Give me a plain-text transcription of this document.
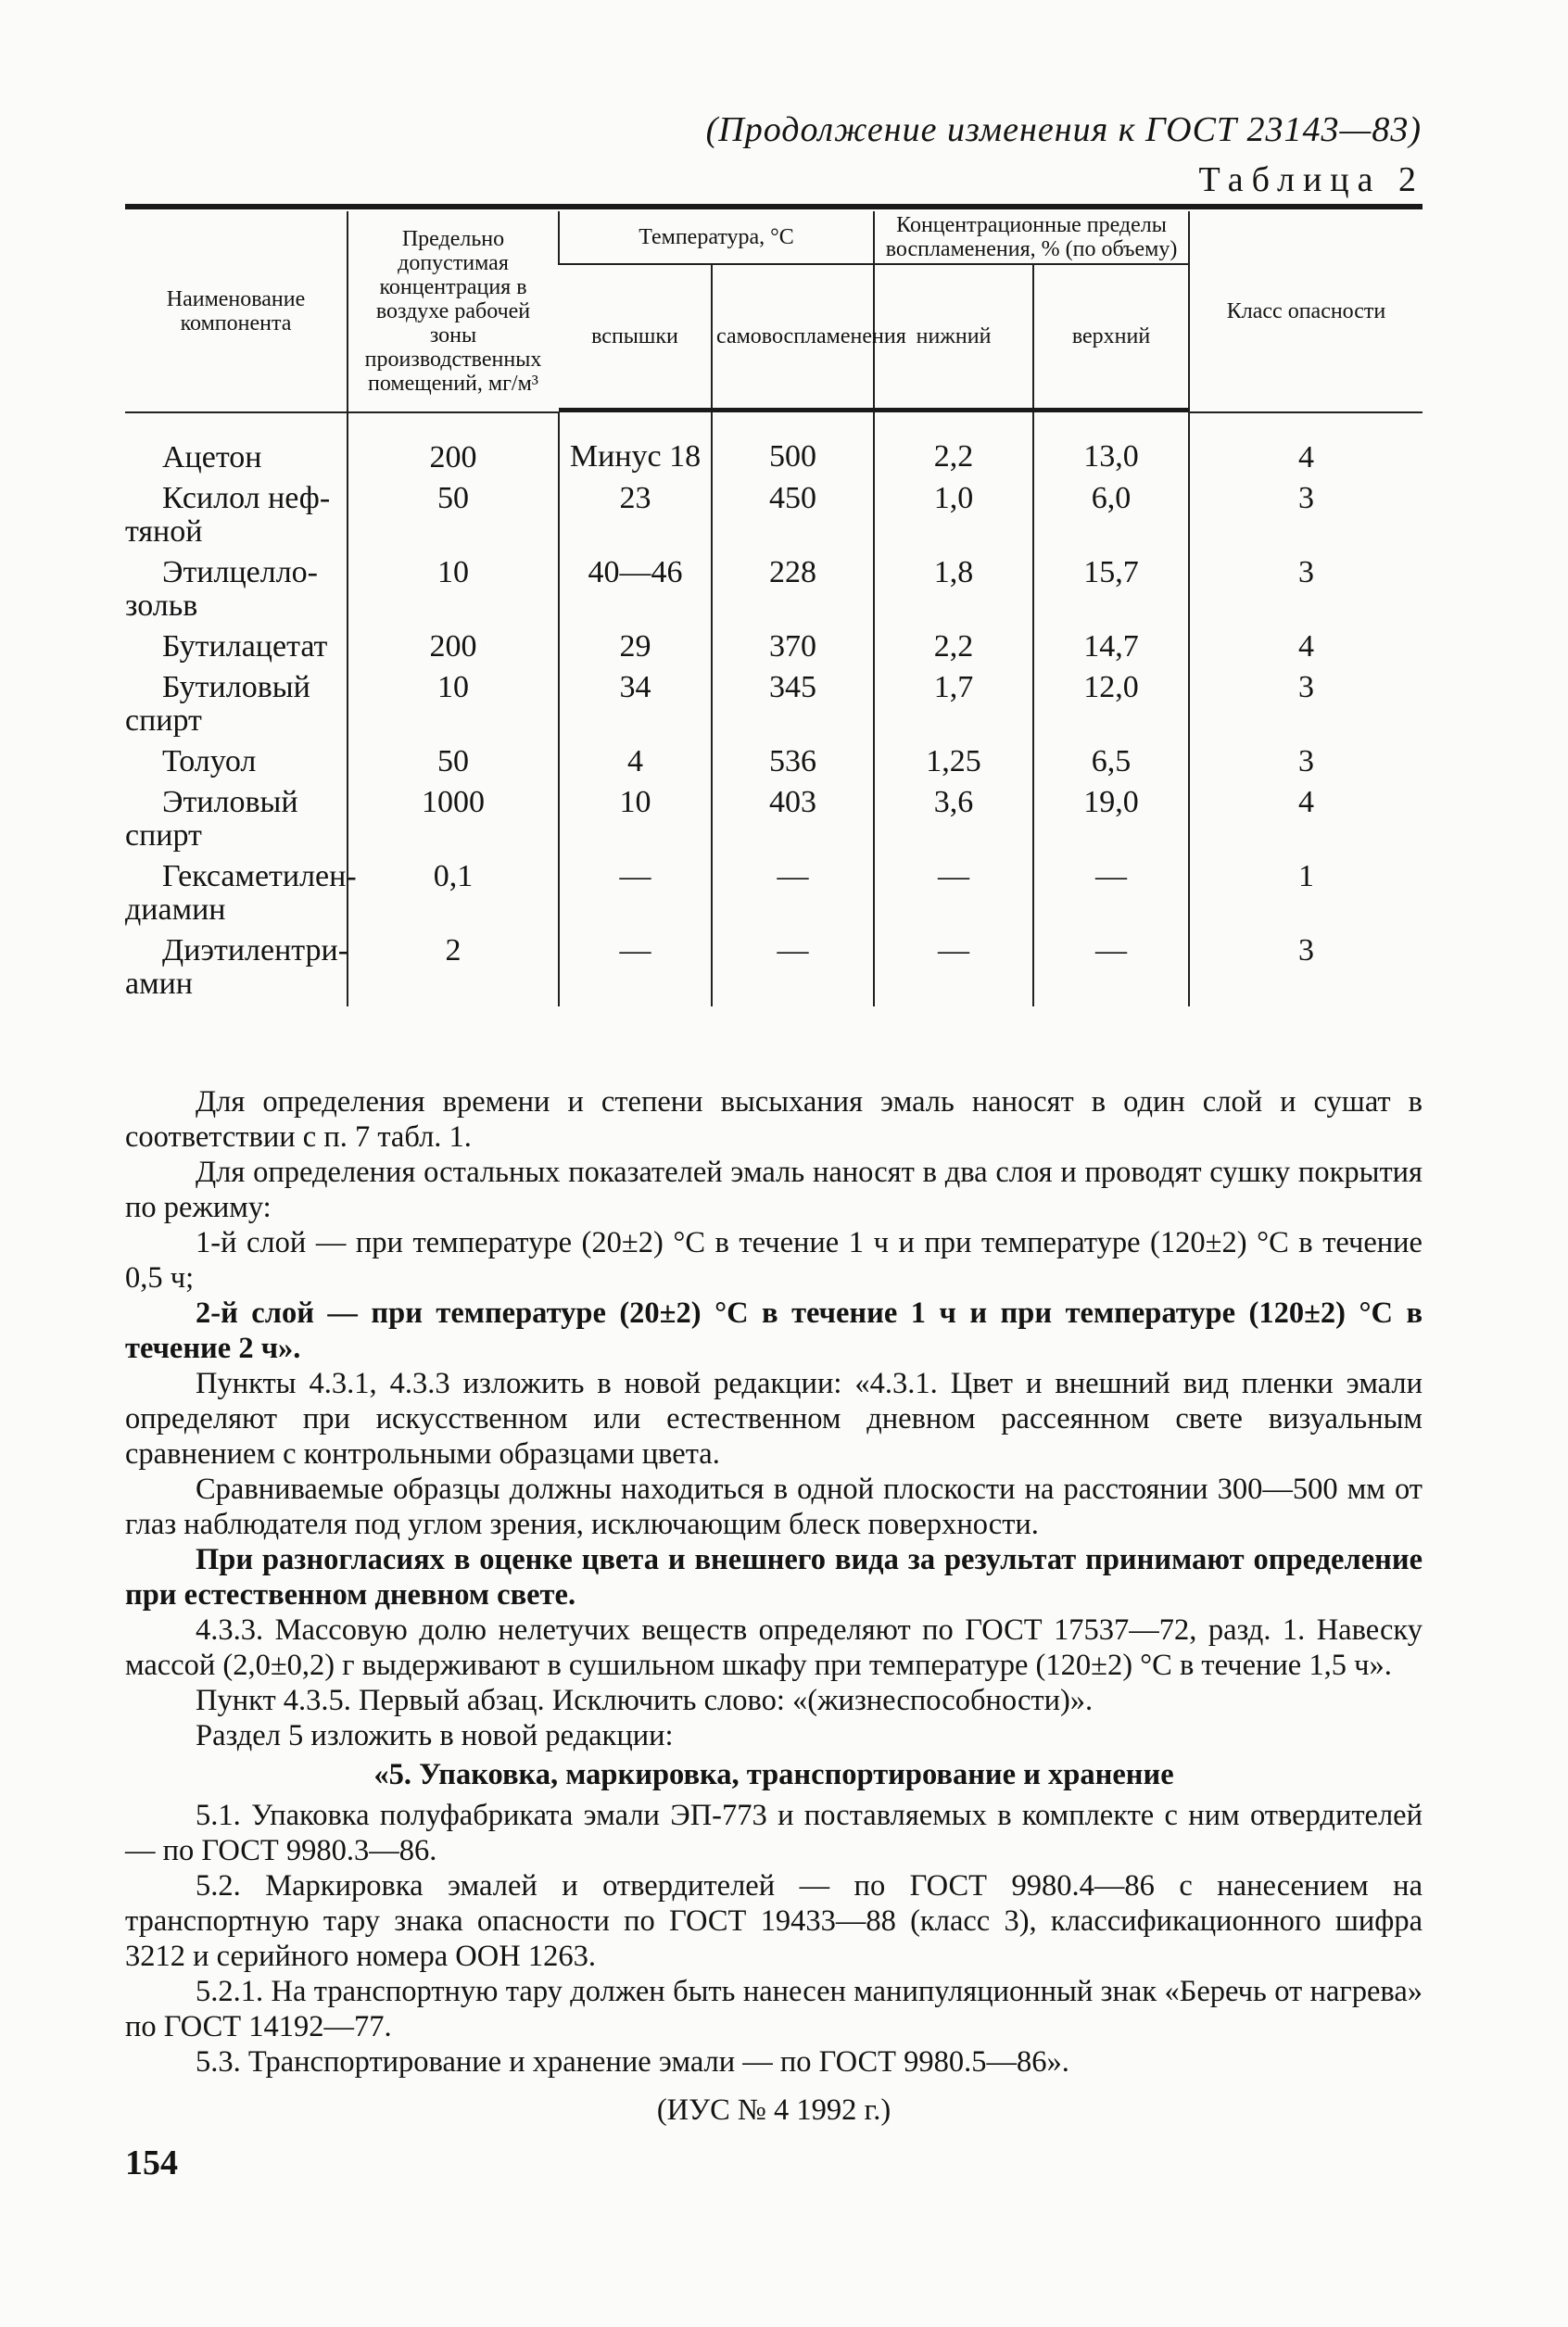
(Продолжение изменения к ГОСТ 23143—83)
Таблица 2
Наименование компонента	Предельно допустимая концентрация в воздухе рабочей зоны производственных помещений, мг/м³	Температура, °С		Концентрационные пределы воспламенения, % (по объему)		Класс опасности
		вспышки	самовоспламенения	нижний	верхний	

Ацетон	200	Минус 18	500	2,2	13,0	4

Ксилол неф-
тяной	50	23	450	1,0	6,0	3

Этилцелло-
зольв	10	40—46	228	1,8	15,7	3

Бутилацетат	200	29	370	2,2	14,7	4

Бутиловый
спирт	10	34	345	1,7	12,0	3

Толуол	50	4	536	1,25	6,5	3

Этиловый
спирт	1000	10	403	3,6	19,0	4

Гексаметилен-
диамин	0,1	—	—	—	—	1

Диэтилентри-
амин	2	—	—	—	—	3

Для определения времени и степени высыхания эмаль наносят в один слой и сушат в соответствии с п. 7 табл. 1.

Для определения остальных показателей эмаль наносят в два слоя и проводят сушку покрытия по режиму:

1-й слой — при температуре (20±2) °С в течение 1 ч и при температуре (120±2) °С в течение 0,5 ч;

2-й слой — при температуре (20±2) °С в течение 1 ч и при температуре (120±2) °С в течение 2 ч».

Пункты 4.3.1, 4.3.3 изложить в новой редакции: «4.3.1. Цвет и внешний вид пленки эмали определяют при искусственном или естественном дневном рассеянном свете визуальным сравнением с контрольными образцами цвета.

Сравниваемые образцы должны находиться в одной плоскости на расстоянии 300—500 мм от глаз наблюдателя под углом зрения, исключающим блеск поверхности.

При разногласиях в оценке цвета и внешнего вида за результат принимают определение при естественном дневном свете.

4.3.3. Массовую долю нелетучих веществ определяют по ГОСТ 17537—72, разд. 1. Навеску массой (2,0±0,2) г выдерживают в сушильном шкафу при температуре (120±2) °С в течение 1,5 ч».

Пункт 4.3.5. Первый абзац. Исключить слово: «(жизнеспособности)».

Раздел 5 изложить в новой редакции:

«5. Упаковка, маркировка, транспортирование и хранение

5.1. Упаковка полуфабриката эмали ЭП-773 и поставляемых в комплекте с ним отвердителей — по ГОСТ 9980.3—86.

5.2. Маркировка эмалей и отвердителей — по ГОСТ 9980.4—86 с нанесением на транспортную тару знака опасности по ГОСТ 19433—88 (класс 3), классификационного шифра 3212 и серийного номера ООН 1263.

5.2.1. На транспортную тару должен быть нанесен манипуляционный знак «Беречь от нагрева» по ГОСТ 14192—77.

5.3. Транспортирование и хранение эмали — по ГОСТ 9980.5—86».

(ИУС № 4 1992 г.)

154
